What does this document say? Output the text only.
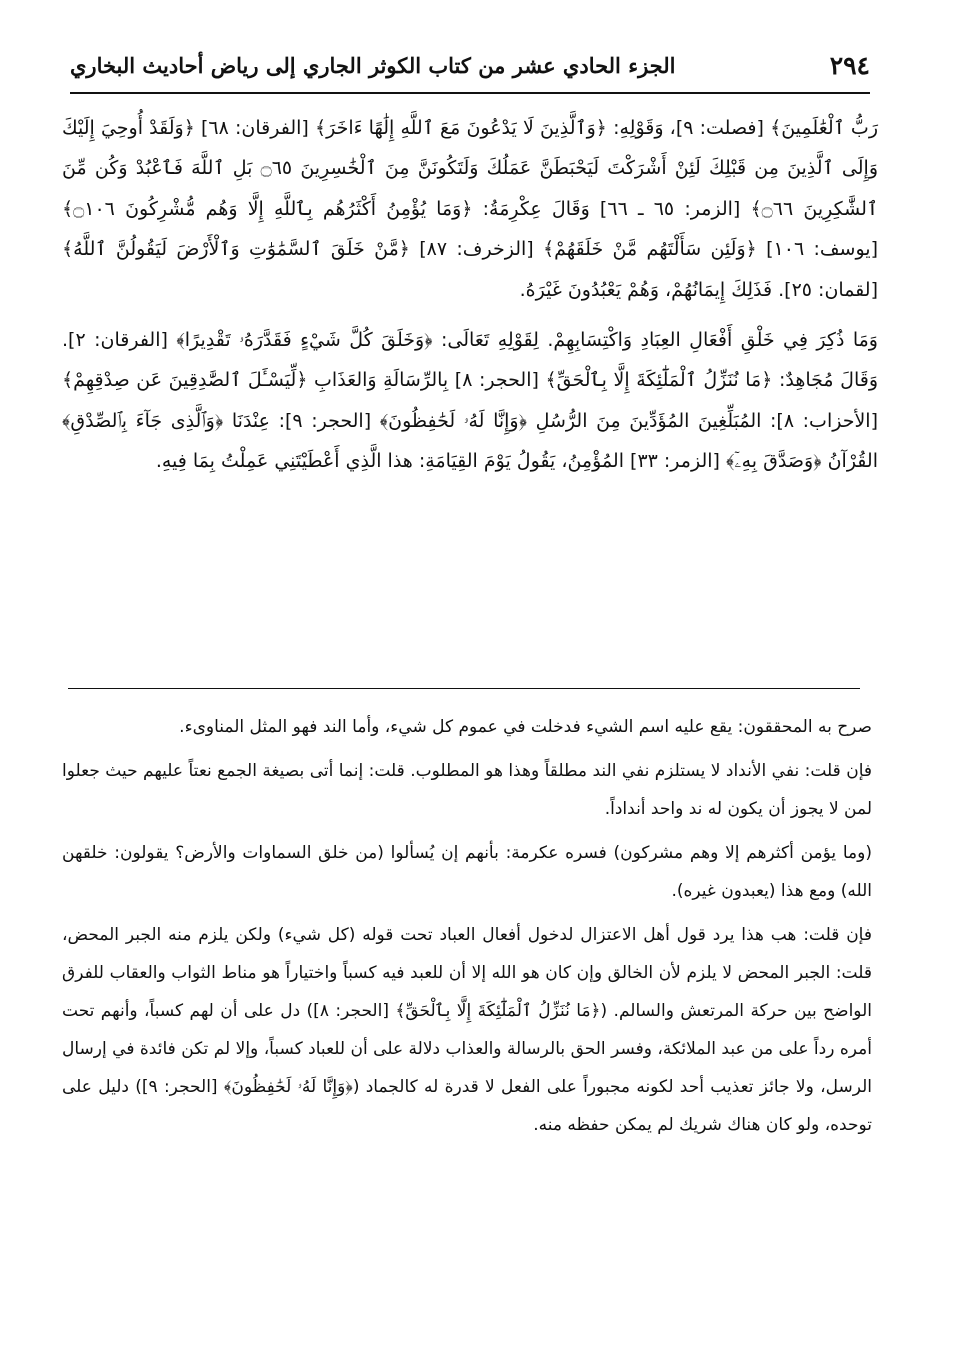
٢٩٤
الجزء الحادي عشر من كتاب الكوثر الجاري إلى رياض أحاديث البخاري

رَبُّ ٱلْعَٰلَمِينَ﴾ [فصلت: ٩]، وَقَوْلِهِ: ﴿وَٱلَّذِينَ لَا يَدْعُونَ مَعَ ٱللَّهِ إِلَٰهًا ءَاخَرَ﴾ [الفرقان: ٦٨] ﴿وَلَقَدْ أُوحِيَ إِلَيْكَ وَإِلَى ٱلَّذِينَ مِن قَبْلِكَ لَئِنْ أَشْرَكْتَ لَيَحْبَطَنَّ عَمَلُكَ وَلَتَكُونَنَّ مِنَ ٱلْخَٰسِرِينَ ۝٦٥ بَلِ ٱللَّهَ فَٱعْبُدْ وَكُن مِّنَ ٱلشَّٰكِرِينَ ۝٦٦﴾ [الزمر: ٦٥ ـ ٦٦] وَقَالَ عِكْرِمَةُ: ﴿وَمَا يُؤْمِنُ أَكْثَرُهُم بِٱللَّهِ إِلَّا وَهُم مُّشْرِكُونَ ۝١٠٦﴾ [يوسف: ١٠٦] ﴿وَلَئِن سَأَلْتَهُم مَّنْ خَلَقَهُمْ﴾ [الزخرف: ٨٧] ﴿مَّنْ خَلَقَ ٱلسَّمَٰوَٰتِ وَٱلْأَرْضَ لَيَقُولُنَّ ٱللَّهُ﴾ [لقمان: ٢٥]. فَذَلِكَ إِيمَانُهُمْ، وَهُمْ يَعْبُدُونَ غَيْرَهُ.

وَمَا ذُكِرَ فِي خَلْقِ أَفْعَالِ العِبَادِ وَاكْتِسَابِهِمْ. لِقَوْلِهِ تَعَالَى: ﴿وَخَلَقَ كُلَّ شَيْءٍ فَقَدَّرَهُۥ تَقْدِيرًا﴾ [الفرقان: ٢]. وَقَالَ مُجَاهِدٌ: ﴿مَا نُنَزِّلُ ٱلْمَلَٰٓئِكَةَ إِلَّا بِٱلْحَقِّ﴾ [الحجر: ٨] بِالرِّسَالَةِ وَالعَذَابِ ﴿لِّيَسْـَٔلَ ٱلصَّٰدِقِينَ عَن صِدْقِهِمْ﴾ [الأحزاب: ٨]: المُبَلِّغِينَ المُؤَدِّينَ مِنَ الرُّسُلِ ﴿وَإِنَّا لَهُۥ لَحَٰفِظُونَ﴾ [الحجر: ٩]: عِنْدَنَا ﴿وَٱلَّذِى جَآءَ بِٱلصِّدْقِ﴾ القُرْآنُ ﴿وَصَدَّقَ بِهِۦٓ﴾ [الزمر: ٣٣] المُؤْمِنُ، يَقُولُ يَوْمَ القِيَامَةِ: هذا الَّذِي أَعْطَيْتَنِي عَمِلْتُ بِمَا فِيهِ.

صرح به المحققون: يقع عليه اسم الشيء فدخلت في عموم كل شيء، وأما الند فهو المثل المناوىء.

فإن قلت: نفي الأنداد لا يستلزم نفي الند مطلقاً وهذا هو المطلوب. قلت: إنما أتى بصيغة الجمع نعتاً عليهم حيث جعلوا لمن لا يجوز أن يكون له ند واحد أنداداً.

(وما يؤمن أكثرهم إلا وهم مشركون) فسره عكرمة: بأنهم إن يُسألوا (من خلق السماوات والأرض؟ يقولون: خلقهن الله) ومع هذا (يعبدون غيره).

فإن قلت: هب هذا يرد قول أهل الاعتزال لدخول أفعال العباد تحت قوله (كل شيء) ولكن يلزم منه الجبر المحض، قلت: الجبر المحض لا يلزم لأن الخالق وإن كان هو الله إلا أن للعبد فيه كسباً واختياراً هو مناط الثواب والعقاب للفرق الواضح بين حركة المرتعش والسالم. (﴿مَا نُنَزِّلُ ٱلْمَلَٰٓئِكَةَ إِلَّا بِٱلْحَقِّ﴾ [الحجر: ٨]) دل على أن لهم كسباً، وأنهم تحت أمره رداً على من عبد الملائكة، وفسر الحق بالرسالة والعذاب دلالة على أن للعباد كسباً، وإلا لم تكن فائدة في إرسال الرسل، ولا جائز تعذيب أحد لكونه مجبوراً على الفعل لا قدرة له كالجماد (﴿وَإِنَّا لَهُۥ لَحَٰفِظُونَ﴾ [الحجر: ٩]) دليل على توحده، ولو كان هناك شريك لم يمكن حفظه منه.
